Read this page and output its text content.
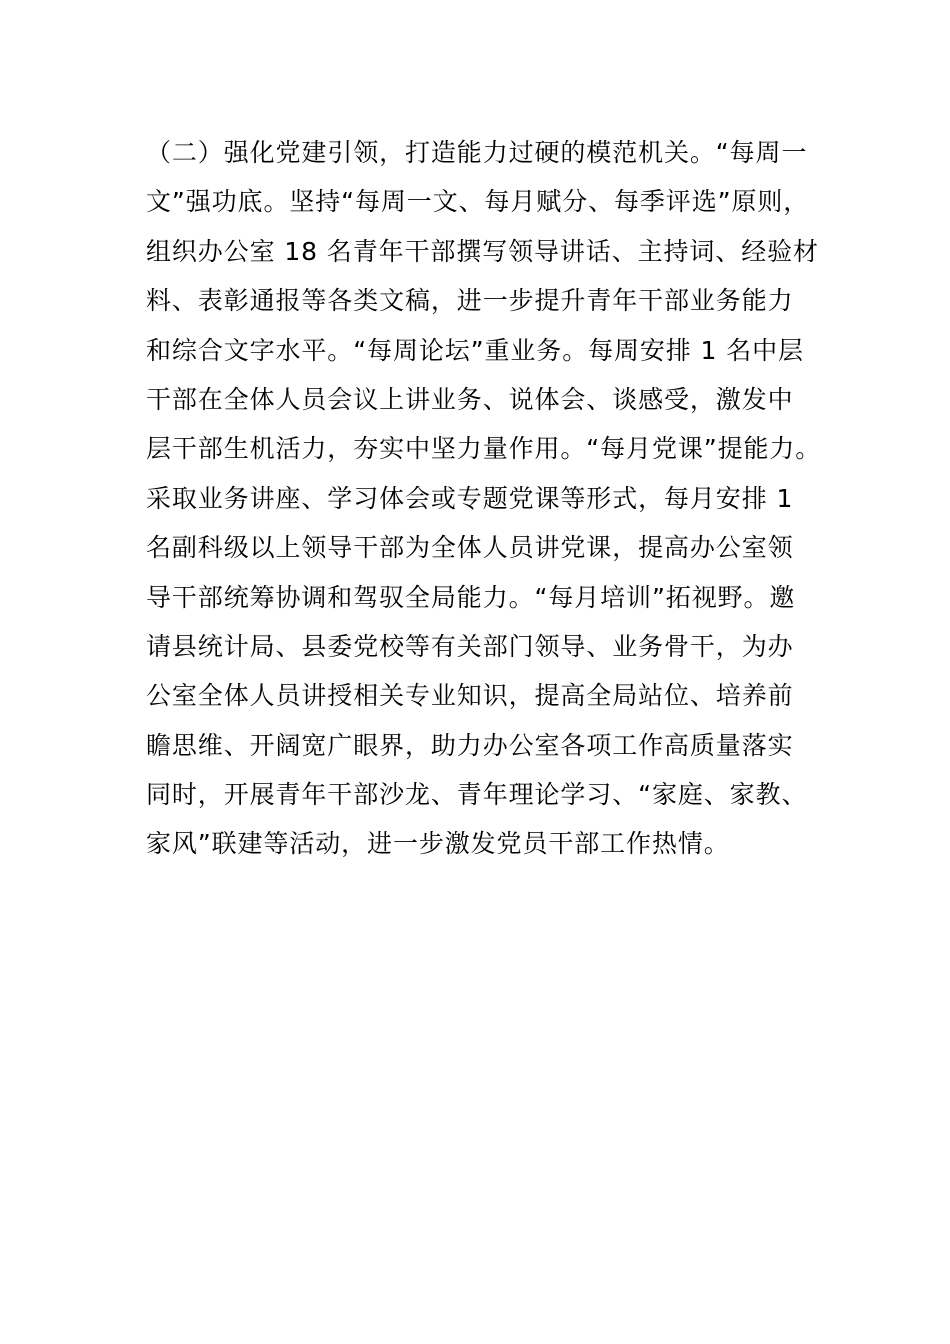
（二）强化党建引领，打造能力过硬的模范机关。“每周一
文”强功底。坚持“每周一文、每月赋分、每季评选”原则，
组织办公室 18 名青年干部撰写领导讲话、主持词、经验材
料、表彰通报等各类文稿，进一步提升青年干部业务能力
和综合文字水平。“每周论坛”重业务。每周安排 1 名中层
干部在全体人员会议上讲业务、说体会、谈感受，激发中
层干部生机活力，夯实中坚力量作用。“每月党课”提能力。
采取业务讲座、学习体会或专题党课等形式，每月安排 1
名副科级以上领导干部为全体人员讲党课，提高办公室领
导干部统筹协调和驾驭全局能力。“每月培训”拓视野。邀
请县统计局、县委党校等有关部门领导、业务骨干，为办
公室全体人员讲授相关专业知识，提高全局站位、培养前
瞻思维、开阔宽广眼界，助力办公室各项工作高质量落实
同时，开展青年干部沙龙、青年理论学习、“家庭、家教、
家风”联建等活动，进一步激发党员干部工作热情。
